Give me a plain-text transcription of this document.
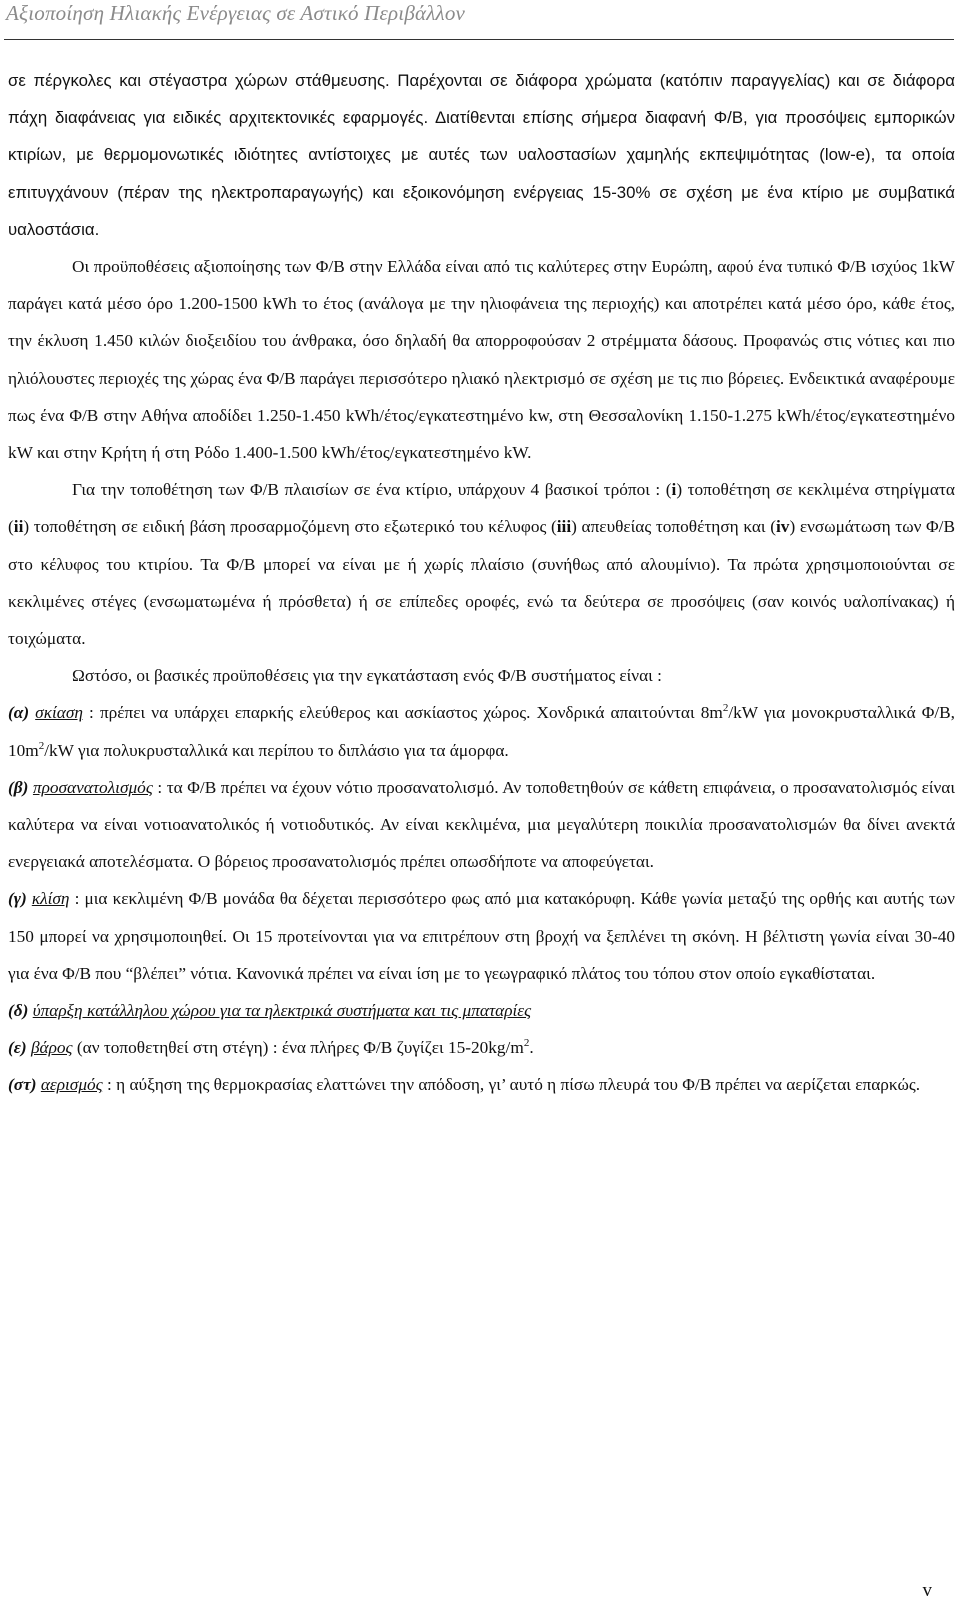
Αξιοποίηση Ηλιακής Ενέργειας σε Αστικό Περιβάλλον

σε πέργκολες και στέγαστρα χώρων στάθμευσης. Παρέχονται σε διάφορα χρώματα (κατόπιν παραγγελίας) και σε διάφορα πάχη διαφάνειας για ειδικές αρχιτεκτονικές εφαρμογές. Διατίθενται επίσης σήμερα διαφανή Φ/Β, για προσόψεις εμπορικών κτιρίων, με θερμομονωτικές ιδιότητες αντίστοιχες με αυτές των υαλοστασίων χαμηλής εκπεψιμότητας (low-e), τα οποία επιτυγχάνουν (πέραν της ηλεκτροπαραγωγής) και εξοικονόμηση ενέργειας 15-30% σε σχέση με ένα κτίριο με συμβατικά υαλοστάσια.

Οι προϋποθέσεις αξιοποίησης των Φ/Β στην Ελλάδα είναι από τις καλύτερες στην Ευρώπη, αφού ένα τυπικό Φ/Β ισχύος 1kW παράγει κατά μέσο όρο 1.200-1500 kWh το έτος (ανάλογα με την ηλιοφάνεια της περιοχής) και αποτρέπει κατά μέσο όρο, κάθε έτος, την έκλυση 1.450 κιλών διοξειδίου του άνθρακα, όσο δηλαδή θα απορροφούσαν 2 στρέμματα δάσους. Προφανώς στις νότιες και πιο ηλιόλουστες περιοχές της χώρας ένα Φ/Β παράγει περισσότερο ηλιακό ηλεκτρισμό σε σχέση με τις πιο βόρειες. Ενδεικτικά αναφέρουμε πως ένα Φ/Β στην Αθήνα αποδίδει 1.250-1.450 kWh/έτος/εγκατεστημένο kw, στη Θεσσαλονίκη 1.150-1.275 kWh/έτος/εγκατεστημένο kW και στην Κρήτη ή στη Ρόδο 1.400-1.500 kWh/έτος/εγκατεστημένο kW.

Για την τοποθέτηση των Φ/Β πλαισίων σε ένα κτίριο, υπάρχουν 4 βασικοί τρόποι : (i) τοποθέτηση σε κεκλιμένα στηρίγματα (ii) τοποθέτηση σε ειδική βάση προσαρμοζόμενη στο εξωτερικό του κέλυφος (iii) απευθείας τοποθέτηση και (iv) ενσωμάτωση των Φ/Β στο κέλυφος του κτιρίου. Τα Φ/Β μπορεί να είναι με ή χωρίς πλαίσιο (συνήθως από αλουμίνιο). Τα πρώτα χρησιμοποιούνται σε κεκλιμένες στέγες (ενσωματωμένα ή πρόσθετα) ή σε επίπεδες οροφές, ενώ τα δεύτερα σε προσόψεις (σαν κοινός υαλοπίνακας) ή τοιχώματα.

Ωστόσο, οι βασικές προϋποθέσεις για την εγκατάσταση ενός Φ/Β συστήματος είναι :

(α) σκίαση : πρέπει να υπάρχει επαρκής ελεύθερος και ασκίαστος χώρος. Χονδρικά απαιτούνται $8m^2/kW$ για μονοκρυσταλλικά Φ/Β, $10m^2/kW$ για πολυκρυσταλλικά και περίπου το διπλάσιο για τα άμορφα.

(β) προσανατολισμός : τα Φ/Β πρέπει να έχουν νότιο προσανατολισμό. Αν τοποθετηθούν σε κάθετη επιφάνεια, ο προσανατολισμός είναι καλύτερα να είναι νοτιοανατολικός ή νοτιοδυτικός. Αν είναι κεκλιμένα, μια μεγαλύτερη ποικιλία προσανατολισμών θα δίνει ανεκτά ενεργειακά αποτελέσματα. Ο βόρειος προσανατολισμός πρέπει οπωσδήποτε να αποφεύγεται.

(γ) κλίση : μια κεκλιμένη Φ/Β μονάδα θα δέχεται περισσότερο φως από μια κατακόρυφη. Κάθε γωνία μεταξύ της ορθής και αυτής των 150 μπορεί να χρησιμοποιηθεί. Οι 15 προτείνονται για να επιτρέπουν στη βροχή να ξεπλένει τη σκόνη. Η βέλτιστη γωνία είναι 30-40 για ένα Φ/Β που “βλέπει” νότια. Κανονικά πρέπει να είναι ίση με το γεωγραφικό πλάτος του τόπου στον οποίο εγκαθίσταται.

(δ) ύπαρξη κατάλληλου χώρου για τα ηλεκτρικά συστήματα και τις μπαταρίες

(ε) βάρος (αν τοποθετηθεί στη στέγη) : ένα πλήρες Φ/Β ζυγίζει $15-20kg/m^2$.

(στ) αερισμός : η αύξηση της θερμοκρασίας ελαττώνει την απόδοση, γι’ αυτό η πίσω πλευρά του Φ/Β πρέπει να αερίζεται επαρκώς.

v
